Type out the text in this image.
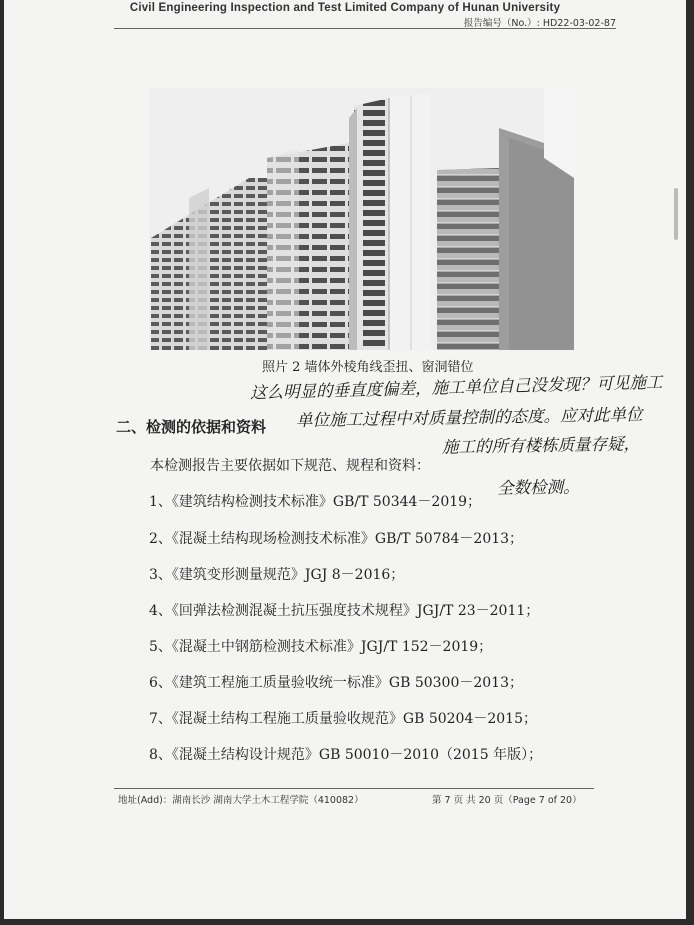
Civil Engineering Inspection and Test Limited Company of Hunan University
报告编号（No.）: HD22-03-02-87
照片 2 墙体外棱角线歪扭、窗洞错位
这么明显的垂直度偏差，施工单位自己没发现？可见施工
单位施工过程中对质量控制的态度。应对此单位
施工的所有楼栋质量存疑，
全数检测。
二、检测的依据和资料
本检测报告主要依据如下规范、规程和资料：
1、《建筑结构检测技术标准》GB/T 50344－2019；
2、《混凝土结构现场检测技术标准》GB/T 50784－2013；
3、《建筑变形测量规范》JGJ 8－2016；
4、《回弹法检测混凝土抗压强度技术规程》JGJ/T 23－2011；
5、《混凝土中钢筋检测技术标准》JGJ/T 152－2019；
6、《建筑工程施工质量验收统一标准》GB 50300－2013；
7、《混凝土结构工程施工质量验收规范》GB 50204－2015；
8、《混凝土结构设计规范》GB 50010－2010（2015 年版）；
地址(Add)：湖南长沙 湖南大学土木工程学院（410082）	第 7 页 共 20 页（Page 7 of 20）
